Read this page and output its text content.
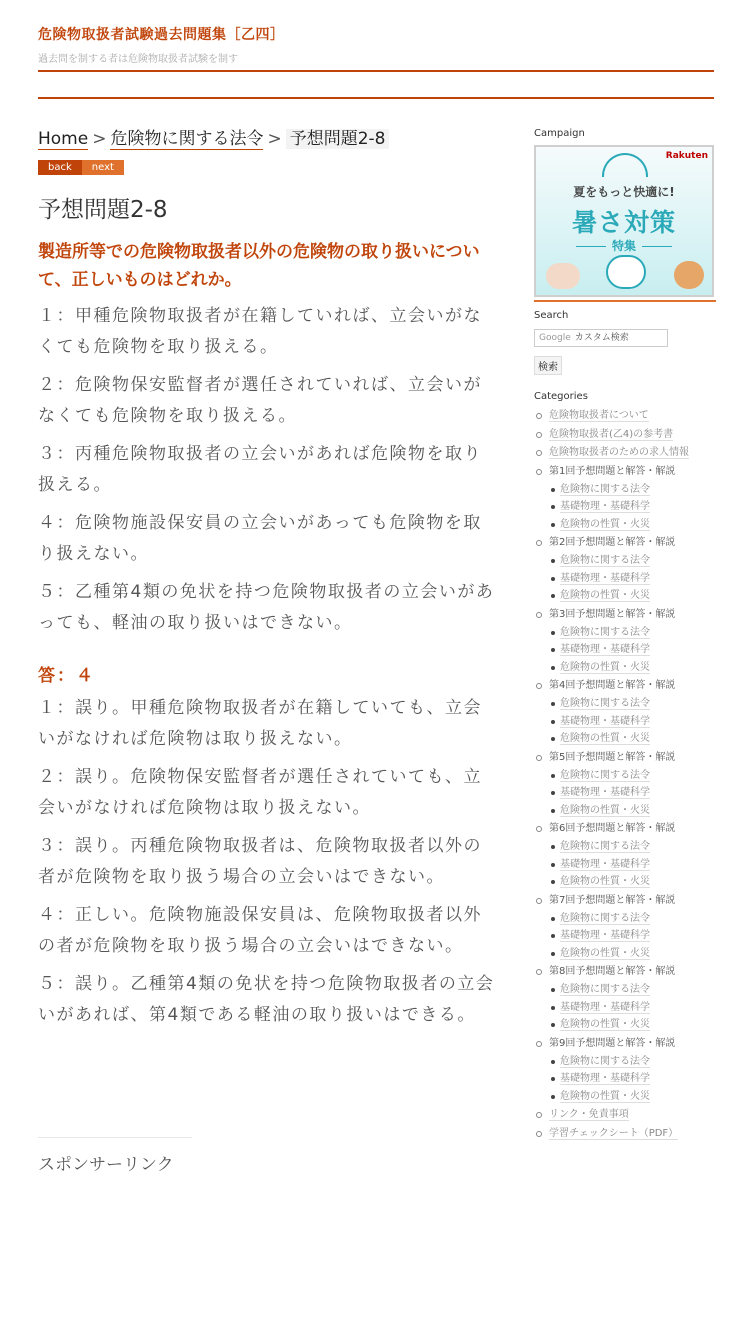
危険物取扱者試験過去問題集［乙四］
過去問を制する者は危険物取扱者試験を制す
Home > 危険物に関する法令 > 予想問題2-8
back	next
予想問題2-8

製造所等での危険物取扱者以外の危険物の取り扱いについて、正しいものはどれか。

１：甲種危険物取扱者が在籍していれば、立会いがなくても危険物を取り扱える。

２：危険物保安監督者が選任されていれば、立会いがなくても危険物を取り扱える。

３：丙種危険物取扱者の立会いがあれば危険物を取り扱える。

４：危険物施設保安員の立会いがあっても危険物を取り扱えない。

５：乙種第4類の免状を持つ危険物取扱者の立会いがあっても、軽油の取り扱いはできない。

答：４

１：誤り。甲種危険物取扱者が在籍していても、立会いがなければ危険物は取り扱えない。

２：誤り。危険物保安監督者が選任されていても、立会いがなければ危険物は取り扱えない。

３：誤り。丙種危険物取扱者は、危険物取扱者以外の者が危険物を取り扱う場合の立会いはできない。

４：正しい。危険物施設保安員は、危険物取扱者以外の者が危険物を取り扱う場合の立会いはできない。

５：誤り。乙種第4類の免状を持つ危険物取扱者の立会いがあれば、第4類である軽油の取り扱いはできる。

スポンサーリンク
Campaign
Rakuten
夏をもっと快適に!
暑さ対策
特集
Search
Google カスタム検索
検索
Categories
危険物取扱者について
危険物取扱者(乙4)の参考書
危険物取扱者のための求人情報
第1回予想問題と解答・解説
危険物に関する法令
基礎物理・基礎科学
危険物の性質・火災
第2回予想問題と解答・解説
危険物に関する法令
基礎物理・基礎科学
危険物の性質・火災
第3回予想問題と解答・解説
危険物に関する法令
基礎物理・基礎科学
危険物の性質・火災
第4回予想問題と解答・解説
危険物に関する法令
基礎物理・基礎科学
危険物の性質・火災
第5回予想問題と解答・解説
危険物に関する法令
基礎物理・基礎科学
危険物の性質・火災
第6回予想問題と解答・解説
危険物に関する法令
基礎物理・基礎科学
危険物の性質・火災
第7回予想問題と解答・解説
危険物に関する法令
基礎物理・基礎科学
危険物の性質・火災
第8回予想問題と解答・解説
危険物に関する法令
基礎物理・基礎科学
危険物の性質・火災
第9回予想問題と解答・解説
危険物に関する法令
基礎物理・基礎科学
危険物の性質・火災
リンク・免責事項
学習チェックシート（PDF）
